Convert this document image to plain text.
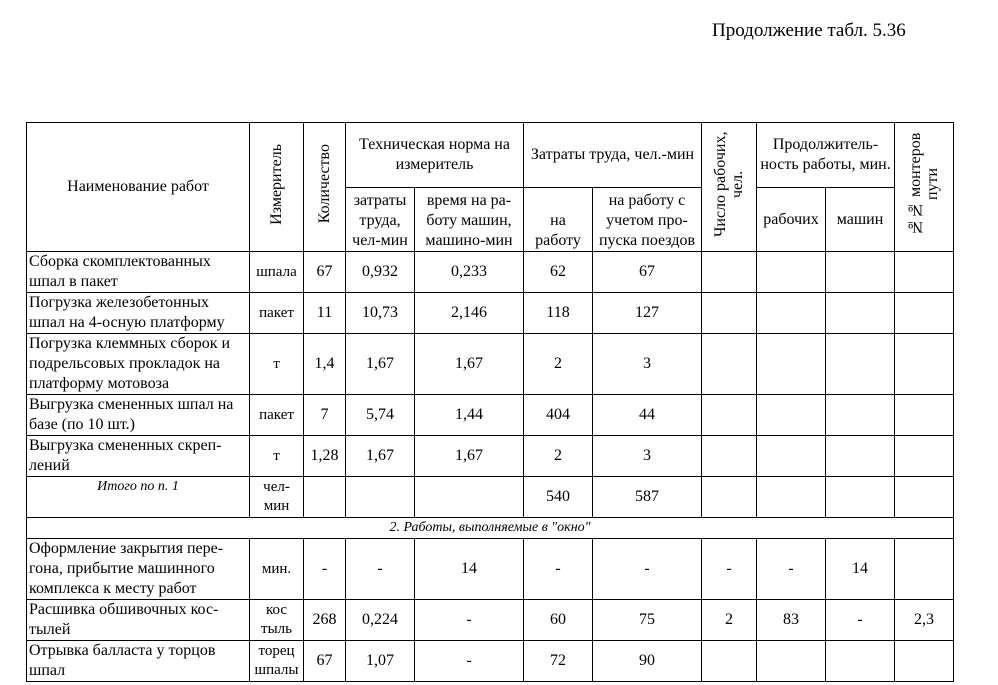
Продолжение табл. 5.36
Наименование работ	Измеритель	Количество	Техническая норма на измеритель		Затраты труда, чел.-мин		Число рабочих, чел.	Продолжитель-ность работы, мин.		№№ монтеров пути
			затраты труда, чел-мин	время на ра-боту машин, машино-мин	на работу	на работу с учетом про-пуска поездов		рабочих	машин	
Сборка скомплектованных шпал в пакет	шпала	67	0,932	0,233	62	67				
Погрузка железобетонных шпал на 4-осную платформу	пакет	11	10,73	2,146	118	127				
Погрузка клеммных сборок и подрельсовых прокладок на платформу мотовоза	т	1,4	1,67	1,67	2	3				
Выгрузка смененных шпал на базе (по 10 шт.)	пакет	7	5,74	1,44	404	44				
Выгрузка смененных скреп-лений	т	1,28	1,67	1,67	2	3				
Итого по п. 1	чел-мин				540	587				
2. Работы, выполняемые в "окно"										
Оформление закрытия пере-гона, прибытие машинного комплекса к месту работ	мин.	-	-	14	-	-	-	-	14	
Расшивка обшивочных кос-тылей	кос тыль	268	0,224	-	60	75	2	83	-	2,3
Отрывка балласта у торцов шпал	торец шпалы	67	1,07	-	72	90				
